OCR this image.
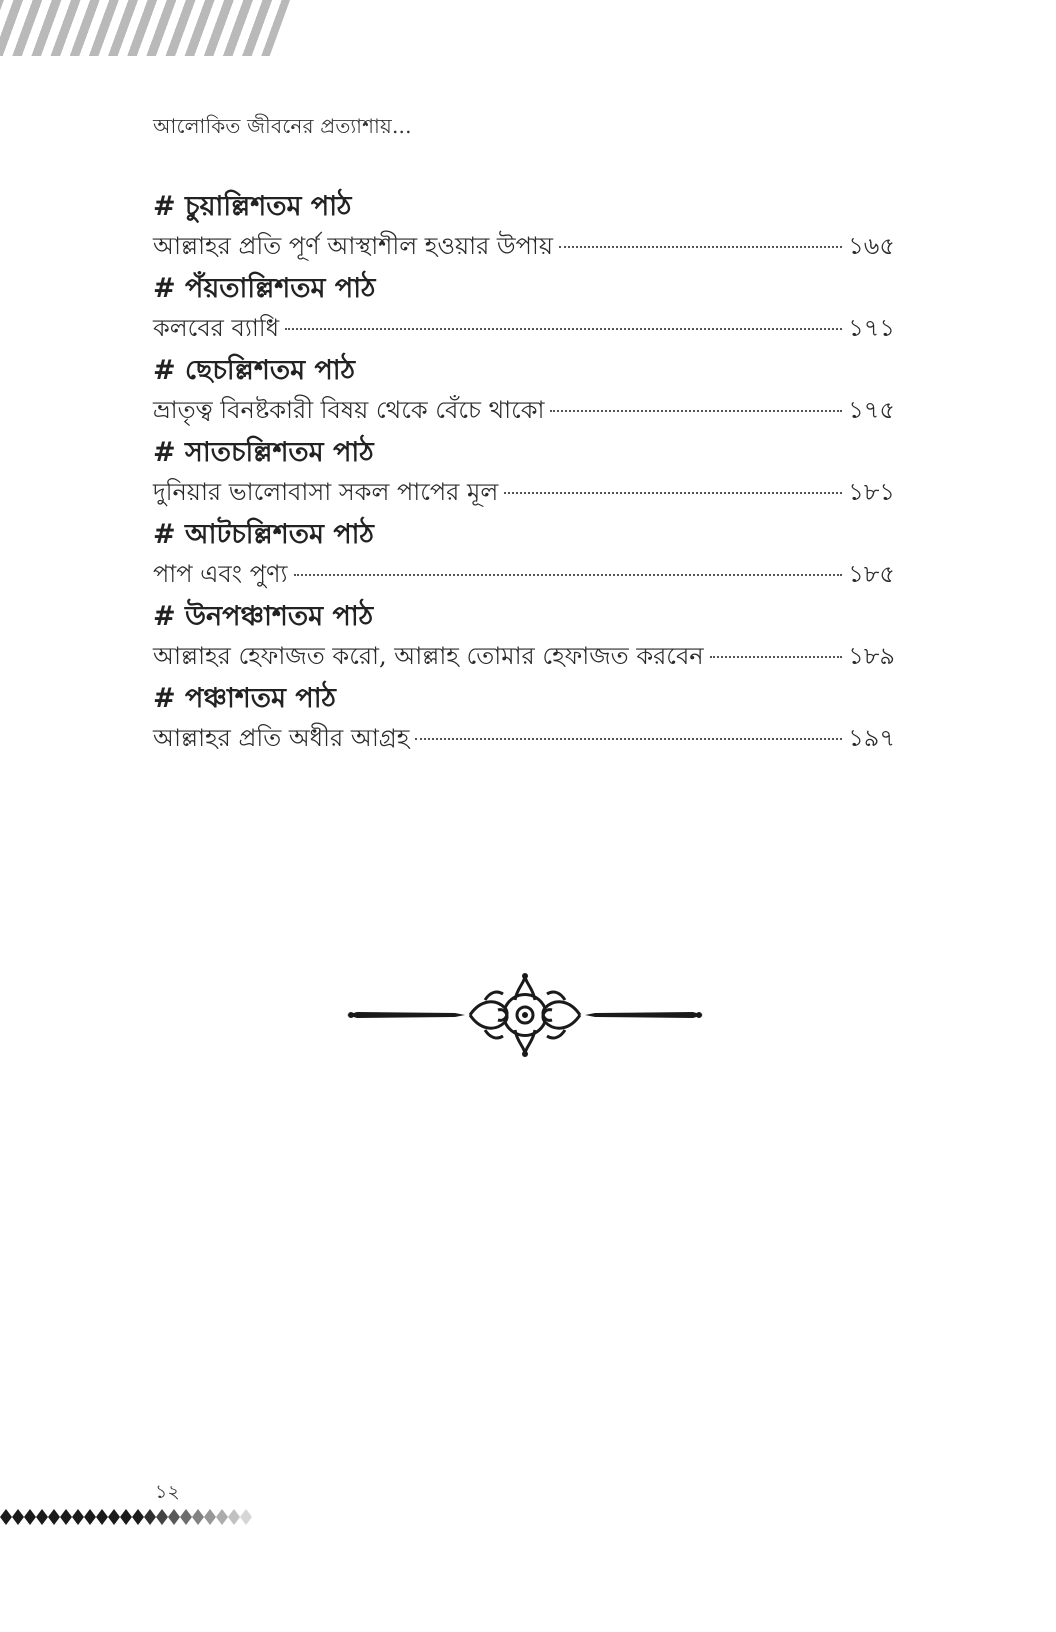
আলোকিত জীবনের প্রত্যাশায়...
# চুয়াল্লিশতম পাঠ
আল্লাহর প্রতি পূর্ণ আস্থাশীল হওয়ার উপায়	১৬৫
# পঁয়তাল্লিশতম পাঠ
কলবের ব্যাধি	১৭১
# ছেচল্লিশতম পাঠ
ভ্রাতৃত্ব বিনষ্টকারী বিষয় থেকে বেঁচে থাকো	১৭৫
# সাতচল্লিশতম পাঠ
দুনিয়ার ভালোবাসা সকল পাপের মূল	১৮১
# আটচল্লিশতম পাঠ
পাপ এবং পুণ্য	১৮৫
# উনপঞ্চাশতম পাঠ
আল্লাহর হেফাজত করো, আল্লাহ তোমার হেফাজত করবেন	১৮৯
# পঞ্চাশতম পাঠ
আল্লাহর প্রতি অধীর আগ্রহ	১৯৭
১২
